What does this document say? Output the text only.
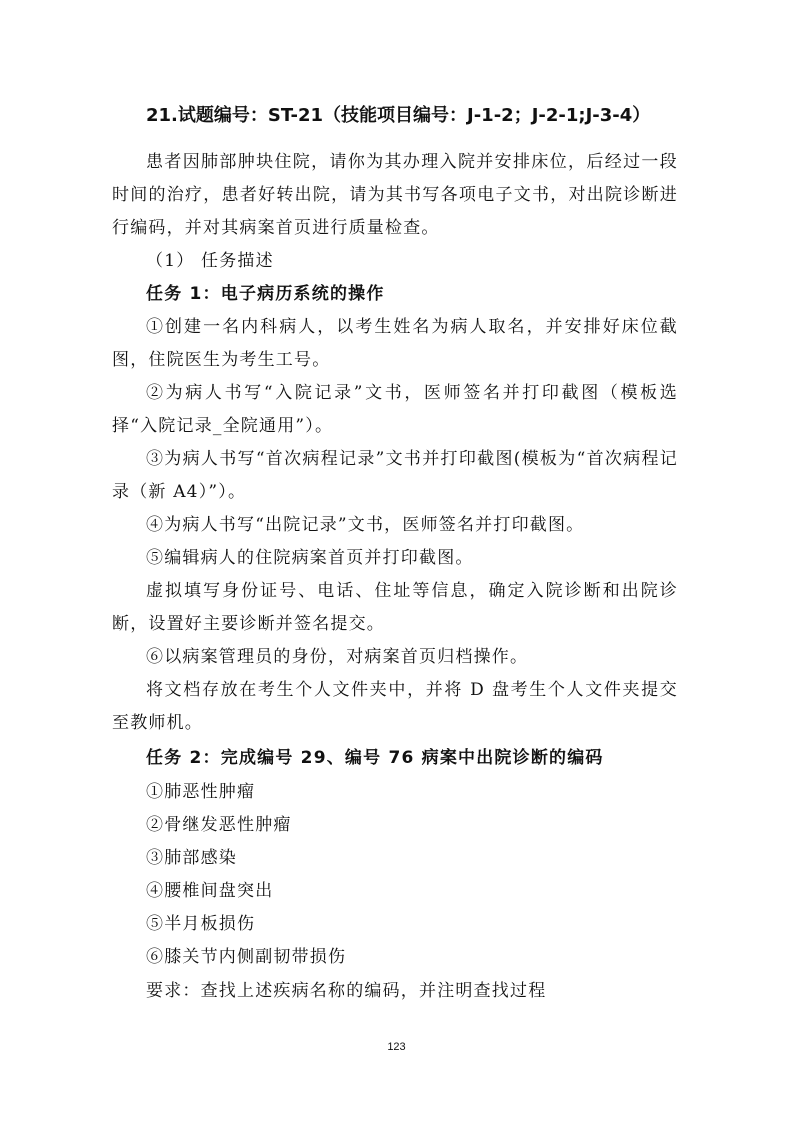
21.试题编号：ST-21（技能项目编号：J-1-2；J-2-1;J-3-4）
患者因肺部肿块住院，请你为其办理入院并安排床位，后经过一段时间的治疗，患者好转出院，请为其书写各项电子文书，对出院诊断进行编码，并对其病案首页进行质量检查。
（1） 任务描述
任务 1：电子病历系统的操作
①创建一名内科病人，以考生姓名为病人取名，并安排好床位截图，住院医生为考生工号。
②为病人书写“入院记录”文书，医师签名并打印截图（模板选择“入院记录_全院通用”）。
③为病人书写“首次病程记录”文书并打印截图(模板为“首次病程记录（新 A4）”）。
④为病人书写“出院记录”文书，医师签名并打印截图。
⑤编辑病人的住院病案首页并打印截图。
虚拟填写身份证号、电话、住址等信息，确定入院诊断和出院诊断，设置好主要诊断并签名提交。
⑥以病案管理员的身份，对病案首页归档操作。
将文档存放在考生个人文件夹中，并将 D 盘考生个人文件夹提交至教师机。
任务 2：完成编号 29、编号 76 病案中出院诊断的编码
①肺恶性肿瘤
②骨继发恶性肿瘤
③肺部感染
④腰椎间盘突出
⑤半月板损伤
⑥膝关节内侧副韧带损伤
要求：查找上述疾病名称的编码，并注明查找过程
123
